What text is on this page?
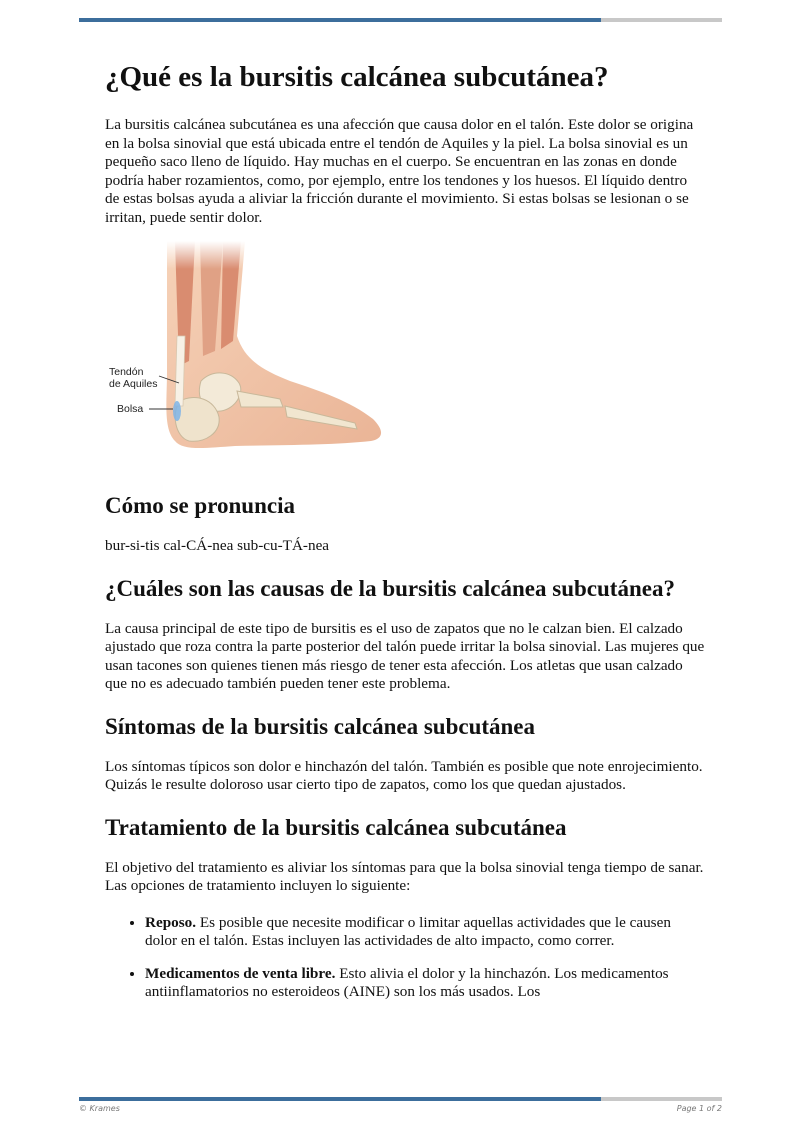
¿Qué es la bursitis calcánea subcutánea?

La bursitis calcánea subcutánea es una afección que causa dolor en el talón. Este dolor se origina en la bolsa sinovial que está ubicada entre el tendón de Aquiles y la piel. La bolsa sinovial es un pequeño saco lleno de líquido. Hay muchas en el cuerpo. Se encuentran en las zonas en donde podría haber rozamientos, como, por ejemplo, entre los tendones y los huesos. El líquido dentro de estas bolsas ayuda a aliviar la fricción durante el movimiento. Si estas bolsas se lesionan o se irritan, puede sentir dolor.

Tendón
de Aquiles
Bolsa
Cómo se pronuncia

bur-si-tis cal-CÁ-nea sub-cu-TÁ-nea

¿Cuáles son las causas de la bursitis calcánea subcutánea?

La causa principal de este tipo de bursitis es el uso de zapatos que no le calzan bien. El calzado ajustado que roza contra la parte posterior del talón puede irritar la bolsa sinovial. Las mujeres que usan tacones son quienes tienen más riesgo de tener esta afección. Los atletas que usan calzado que no es adecuado también pueden tener este problema.

Síntomas de la bursitis calcánea subcutánea

Los síntomas típicos son dolor e hinchazón del talón. También es posible que note enrojecimiento. Quizás le resulte doloroso usar cierto tipo de zapatos, como los que quedan ajustados.

Tratamiento de la bursitis calcánea subcutánea

El objetivo del tratamiento es aliviar los síntomas para que la bolsa sinovial tenga tiempo de sanar. Las opciones de tratamiento incluyen lo siguiente:

• Reposo. Es posible que necesite modificar o limitar aquellas actividades que le causen dolor en el talón. Estas incluyen las actividades de alto impacto, como correr.
• Medicamentos de venta libre. Esto alivia el dolor y la hinchazón. Los medicamentos antiinflamatorios no esteroideos (AINE) son los más usados. Los
© Krames	Page 1 of 2
